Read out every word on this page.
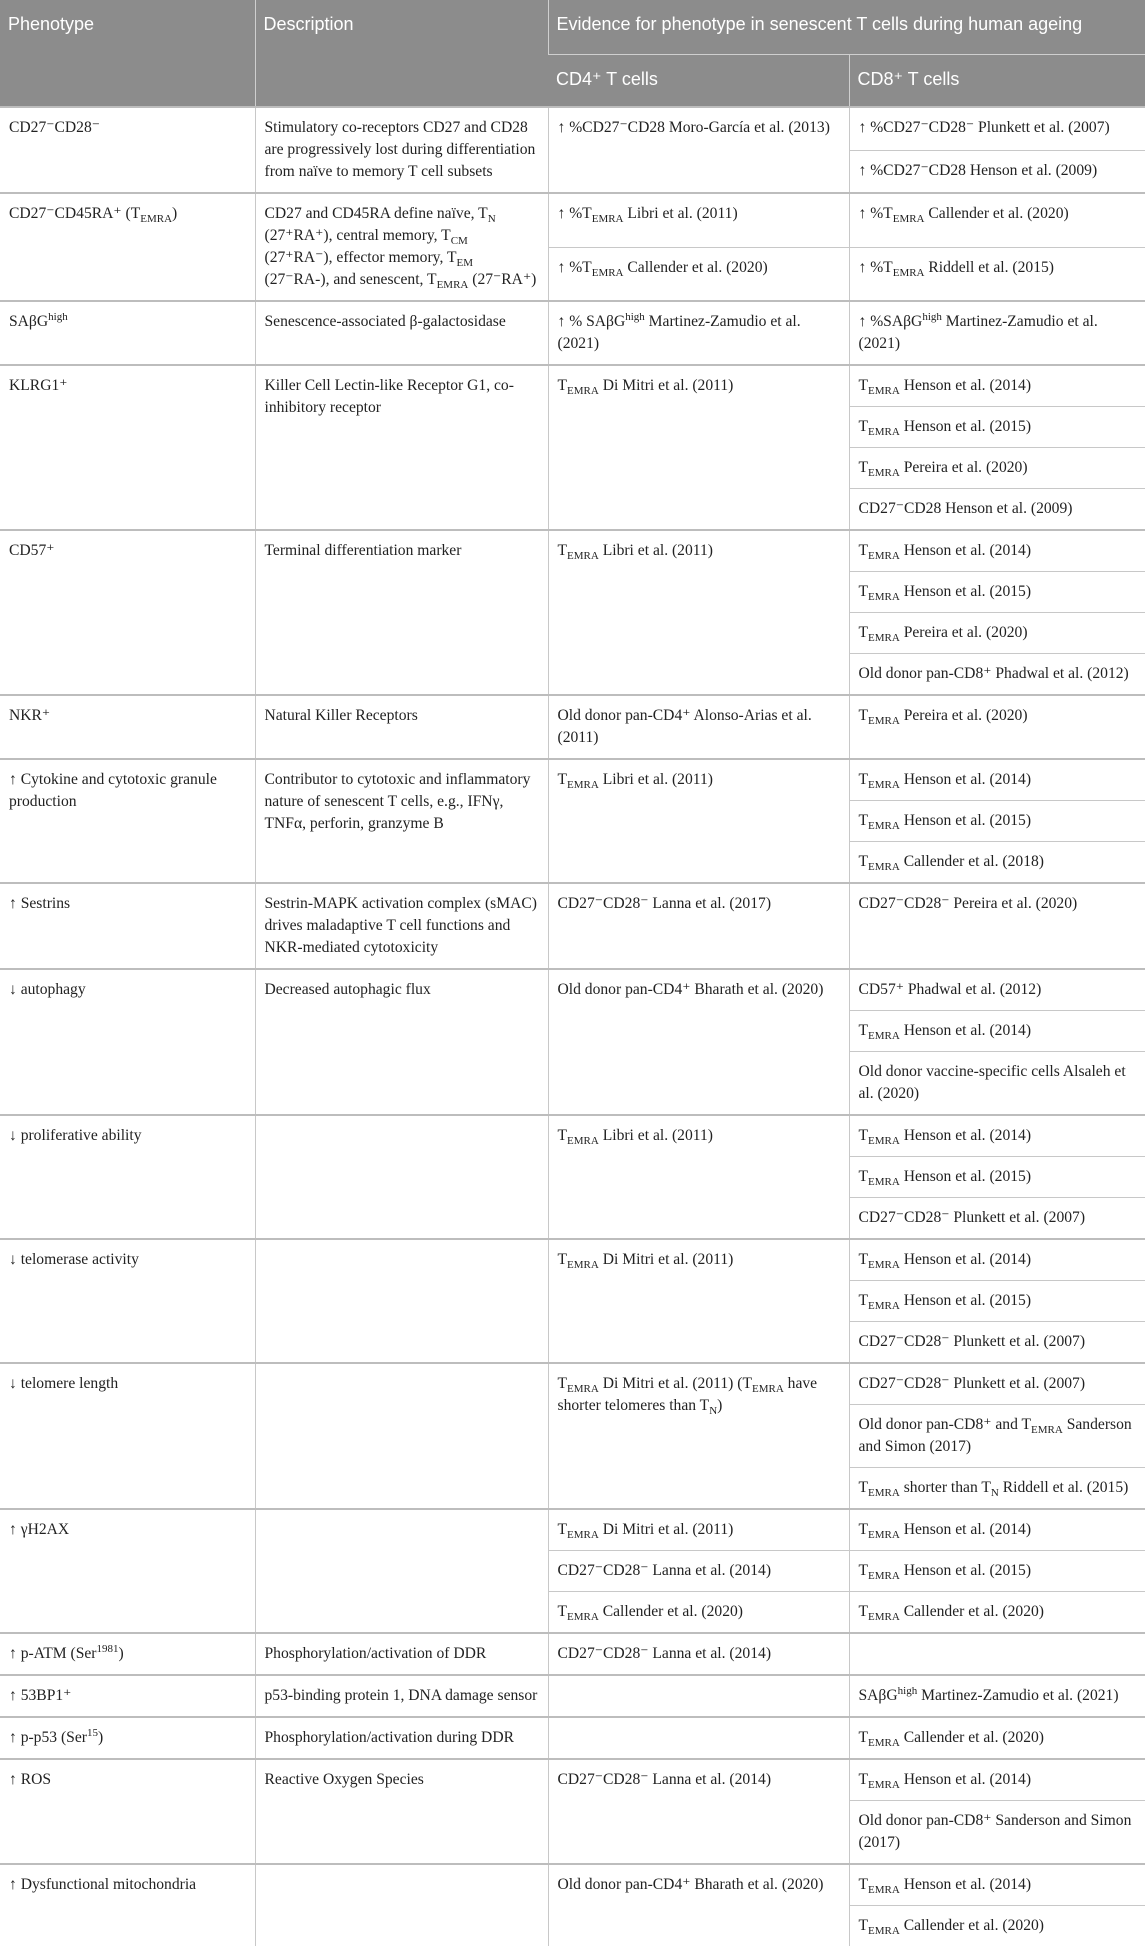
Phenotype	Description	Evidence for phenotype in senescent T cells during human ageing	
		CD4⁺ T cells	CD8⁺ T cells
CD27⁻CD28⁻	Stimulatory co-receptors CD27 and CD28 are progressively lost during differentiation from naïve to memory T cell subsets	↑ %CD27⁻CD28 Moro-García et al. (2013)	↑ %CD27⁻CD28⁻ Plunkett et al. (2007)
			↑ %CD27⁻CD28 Henson et al. (2009)
CD27⁻CD45RA⁺ $(T_{EMRA})$	CD27 and CD45RA define naïve, $T_N$ (27⁺RA⁺), central memory, $T_{CM}$ (27⁺RA⁻), effector memory, $T_{EM}$ (27⁻RA-), and senescent, $T_{EMRA}$ (27⁻RA⁺)	↑ $\%T_{EMRA}$ Libri et al. (2011)	↑ $\%T_{EMRA}$ Callender et al. (2020)
		↑ $\%T_{EMRA}$ Callender et al. (2020)	↑ $\%T_{EMRA}$ Riddell et al. (2015)
SAβG$^{high}$	Senescence-associated β-galactosidase	↑ % SAβG$^{high}$ Martinez-Zamudio et al. (2021)	↑ %SAβG$^{high}$ Martinez-Zamudio et al. (2021)
KLRG1⁺	Killer Cell Lectin-like Receptor G1, co-inhibitory receptor	$T_{EMRA}$ Di Mitri et al. (2011)	$T_{EMRA}$ Henson et al. (2014)
			$T_{EMRA}$ Henson et al. (2015)
			$T_{EMRA}$ Pereira et al. (2020)
			CD27⁻CD28 Henson et al. (2009)
CD57⁺	Terminal differentiation marker	$T_{EMRA}$ Libri et al. (2011)	$T_{EMRA}$ Henson et al. (2014)
			$T_{EMRA}$ Henson et al. (2015)
			$T_{EMRA}$ Pereira et al. (2020)
			Old donor pan-CD8⁺ Phadwal et al. (2012)
NKR⁺	Natural Killer Receptors	Old donor pan-CD4⁺ Alonso-Arias et al. (2011)	$T_{EMRA}$ Pereira et al. (2020)
↑ Cytokine and cytotoxic granule production	Contributor to cytotoxic and inflammatory nature of senescent T cells, e.g., IFNγ, TNFα, perforin, granzyme B	$T_{EMRA}$ Libri et al. (2011)	$T_{EMRA}$ Henson et al. (2014)
			$T_{EMRA}$ Henson et al. (2015)
			$T_{EMRA}$ Callender et al. (2018)
↑ Sestrins	Sestrin-MAPK activation complex (sMAC) drives maladaptive T cell functions and NKR-mediated cytotoxicity	CD27⁻CD28⁻ Lanna et al. (2017)	CD27⁻CD28⁻ Pereira et al. (2020)
↓ autophagy	Decreased autophagic flux	Old donor pan-CD4⁺ Bharath et al. (2020)	CD57⁺ Phadwal et al. (2012)
			$T_{EMRA}$ Henson et al. (2014)
			Old donor vaccine-specific cells Alsaleh et al. (2020)
↓ proliferative ability		$T_{EMRA}$ Libri et al. (2011)	$T_{EMRA}$ Henson et al. (2014)
			$T_{EMRA}$ Henson et al. (2015)
			CD27⁻CD28⁻ Plunkett et al. (2007)
↓ telomerase activity		$T_{EMRA}$ Di Mitri et al. (2011)	$T_{EMRA}$ Henson et al. (2014)
			$T_{EMRA}$ Henson et al. (2015)
			CD27⁻CD28⁻ Plunkett et al. (2007)
↓ telomere length		$T_{EMRA}$ Di Mitri et al. (2011) ($T_{EMRA}$ have shorter telomeres than $T_N$)	CD27⁻CD28⁻ Plunkett et al. (2007)
			Old donor pan-CD8⁺ and $T_{EMRA}$ Sanderson and Simon (2017)
			$T_{EMRA}$ shorter than $T_N$ Riddell et al. (2015)
↑ γH2AX		$T_{EMRA}$ Di Mitri et al. (2011)	$T_{EMRA}$ Henson et al. (2014)
		CD27⁻CD28⁻ Lanna et al. (2014)	$T_{EMRA}$ Henson et al. (2015)
		$T_{EMRA}$ Callender et al. (2020)	$T_{EMRA}$ Callender et al. (2020)
↑ p-ATM (Ser$^{1981}$)	Phosphorylation/activation of DDR	CD27⁻CD28⁻ Lanna et al. (2014)	
↑ 53BP1⁺	p53-binding protein 1, DNA damage sensor		SAβG$^{high}$ Martinez-Zamudio et al. (2021)
↑ p-p53 (Ser$^{15}$)	Phosphorylation/activation during DDR		$T_{EMRA}$ Callender et al. (2020)
↑ ROS	Reactive Oxygen Species	CD27⁻CD28⁻ Lanna et al. (2014)	$T_{EMRA}$ Henson et al. (2014)
			Old donor pan-CD8⁺ Sanderson and Simon (2017)
↑ Dysfunctional mitochondria		Old donor pan-CD4⁺ Bharath et al. (2020)	$T_{EMRA}$ Henson et al. (2014)
			$T_{EMRA}$ Callender et al. (2020)
